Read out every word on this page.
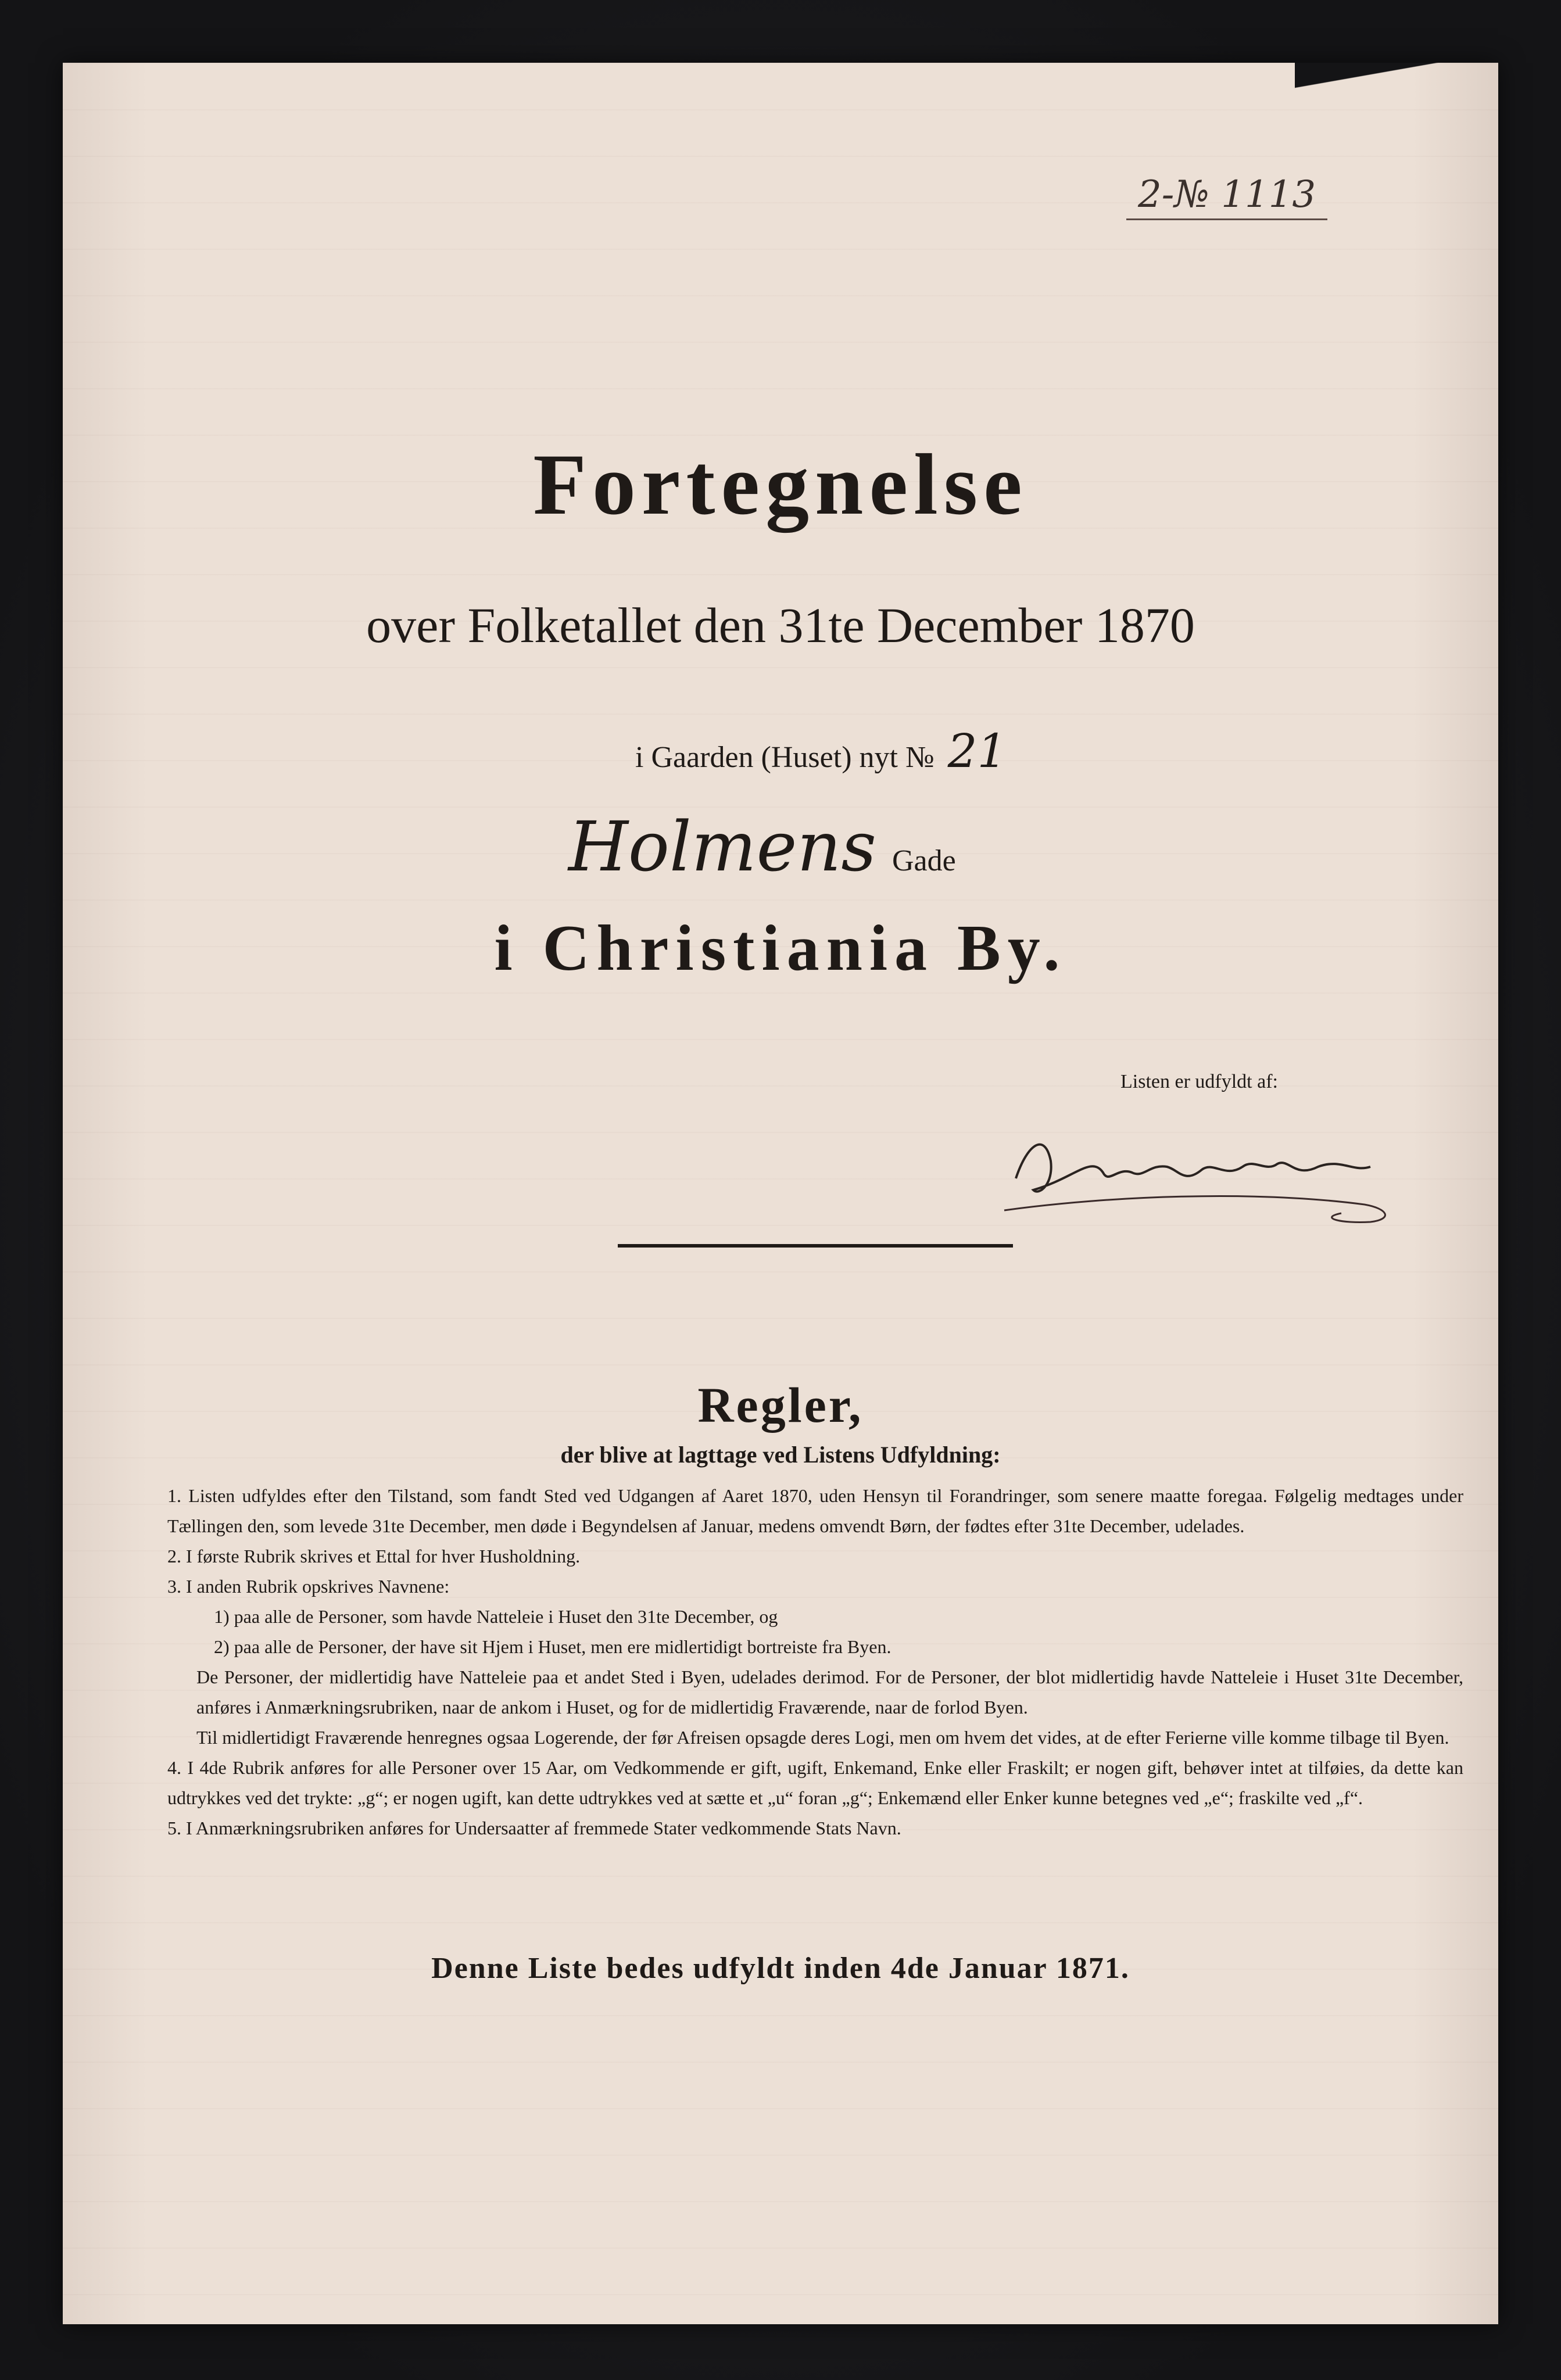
2-№ 1113
Fortegnelse
over Folketallet den 31te December 1870
i Gaarden (Huset) nyt № 21
Holmens Gade
i Christiania By.
Listen er udfyldt af:
Regler,
der blive at lagttage ved Listens Udfyldning:

1. Listen udfyldes efter den Tilstand, som fandt Sted ved Udgangen af Aaret 1870, uden Hensyn til Forandringer, som senere maatte foregaa. Følgelig medtages under Tællingen den, som levede 31te December, men døde i Begyndelsen af Januar, medens omvendt Børn, der fødtes efter 31te December, udelades.

2. I første Rubrik skrives et Ettal for hver Husholdning.

3. I anden Rubrik opskrives Navnene:

1) paa alle de Personer, som havde Natteleie i Huset den 31te December, og

2) paa alle de Personer, der have sit Hjem i Huset, men ere midlertidigt bortreiste fra Byen.

De Personer, der midlertidig have Natteleie paa et andet Sted i Byen, udelades derimod. For de Personer, der blot midlertidig havde Natteleie i Huset 31te December, anføres i Anmærkningsrubriken, naar de ankom i Huset, og for de midlertidig Fraværende, naar de forlod Byen.

Til midlertidigt Fraværende henregnes ogsaa Logerende, der før Afreisen opsagde deres Logi, men om hvem det vides, at de efter Ferierne ville komme tilbage til Byen.

4. I 4de Rubrik anføres for alle Personer over 15 Aar, om Vedkommende er gift, ugift, Enkemand, Enke eller Fraskilt; er nogen gift, behøver intet at tilføies, da dette kan udtrykkes ved det trykte: „g“; er nogen ugift, kan dette udtrykkes ved at sætte et „u“ foran „g“; Enkemænd eller Enker kunne betegnes ved „e“; fraskilte ved „f“.

5. I Anmærkningsrubriken anføres for Undersaatter af fremmede Stater vedkommende Stats Navn.

Denne Liste bedes udfyldt inden 4de Januar 1871.
